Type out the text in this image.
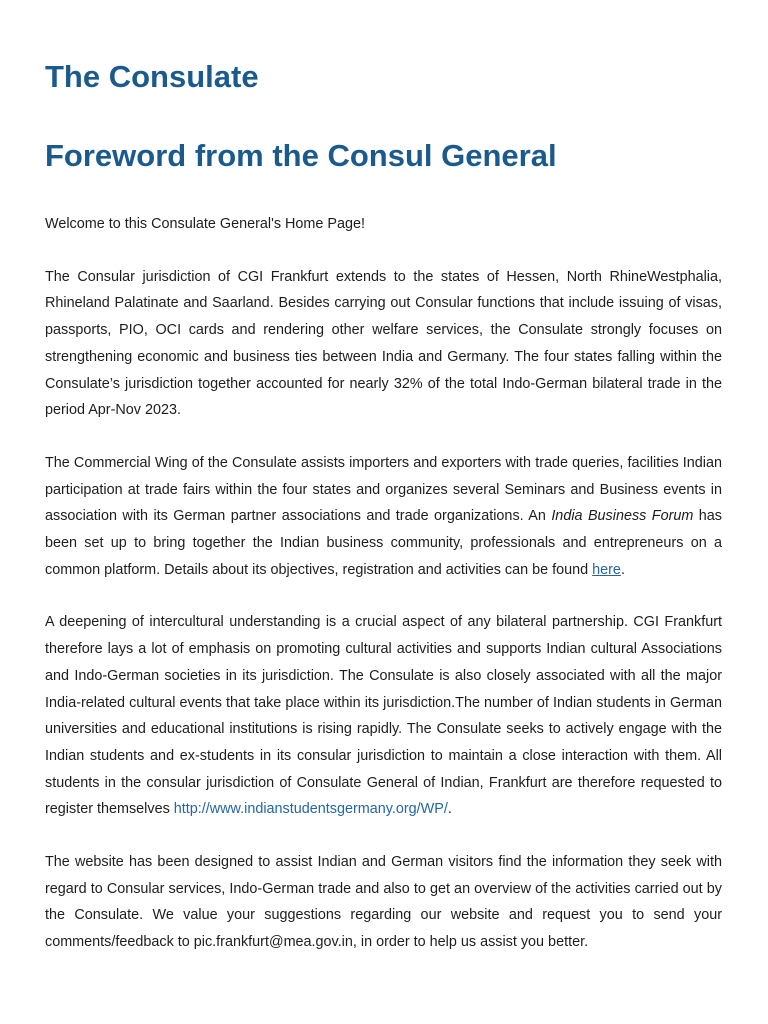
The Consulate
Foreword from the Consul General

Welcome to this Consulate General's Home Page!

The Consular jurisdiction of CGI Frankfurt extends to the states of Hessen, North RhineWestphalia, Rhineland Palatinate and Saarland. Besides carrying out Consular functions that include issuing of visas, passports, PIO, OCI cards and rendering other welfare services, the Consulate strongly focuses on strengthening economic and business ties between India and Germany. The four states falling within the Consulate’s jurisdiction together accounted for nearly 32% of the total Indo-German bilateral trade in the period Apr-Nov 2023.

The Commercial Wing of the Consulate assists importers and exporters with trade queries, facilities Indian participation at trade fairs within the four states and organizes several Seminars and Business events in association with its German partner associations and trade organizations. An India Business Forum has been set up to bring together the Indian business community, professionals and entrepreneurs on a common platform. Details about its objectives, registration and activities can be found here.

A deepening of intercultural understanding is a crucial aspect of any bilateral partnership. CGI Frankfurt therefore lays a lot of emphasis on promoting cultural activities and supports Indian cultural Associations and Indo-German societies in its jurisdiction. The Consulate is also closely associated with all the major India-related cultural events that take place within its jurisdiction.The number of Indian students in German universities and educational institutions is rising rapidly. The Consulate seeks to actively engage with the Indian students and ex-students in its consular jurisdiction to maintain a close interaction with them. All students in the consular jurisdiction of Consulate General of Indian, Frankfurt are therefore requested to register themselves http://www.indianstudentsgermany.org/WP/.

The website has been designed to assist Indian and German visitors find the information they seek with regard to Consular services, Indo-German trade and also to get an overview of the activities carried out by the Consulate. We value your suggestions regarding our website and request you to send your comments/feedback to pic.frankfurt@mea.gov.in, in order to help us assist you better.
